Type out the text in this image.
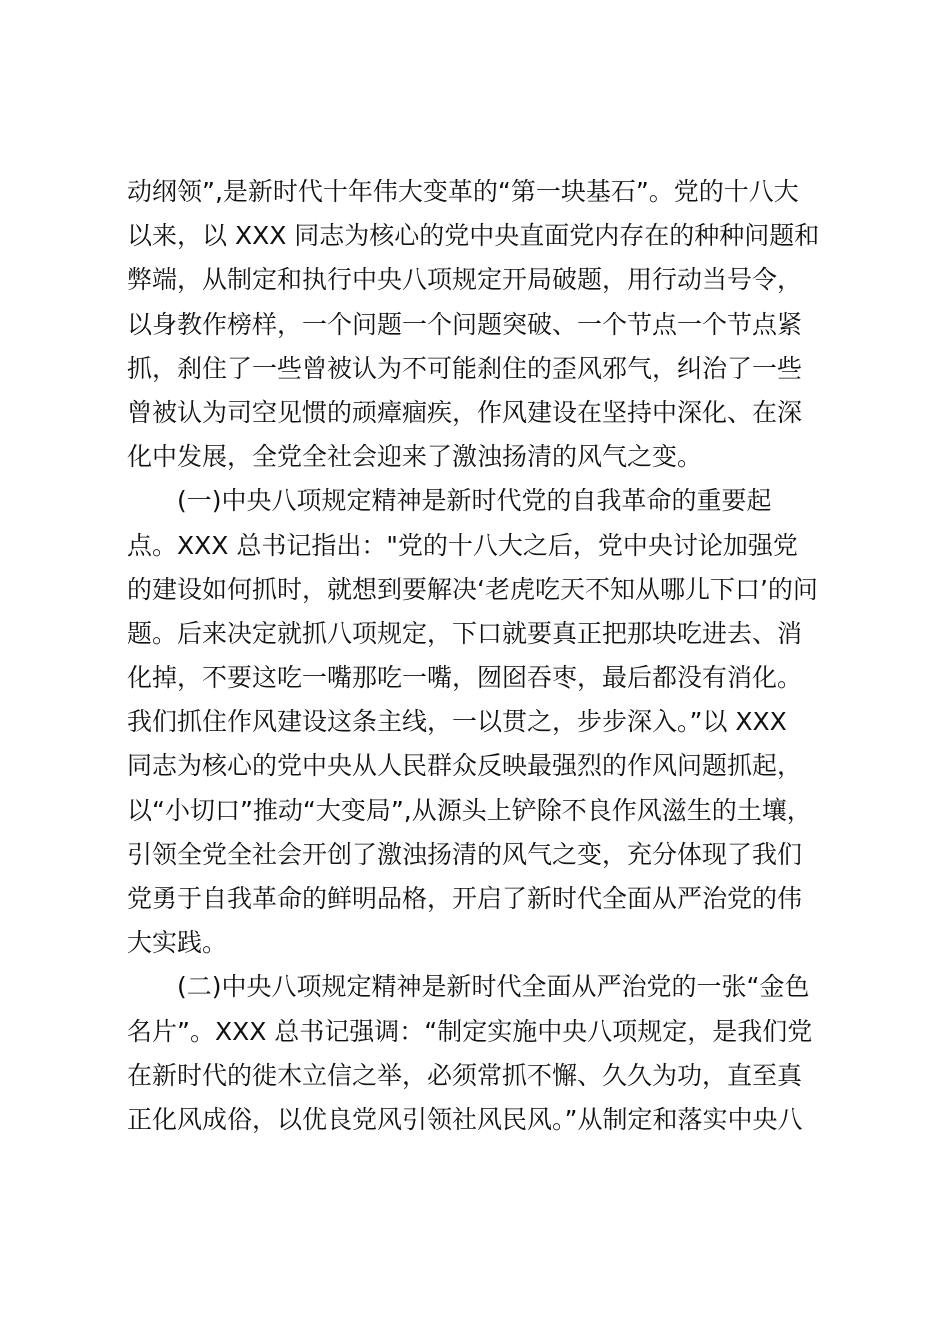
动纲领”,是新时代十年伟大变革的“第一块基石”。党的十八大
以来，以 XXX 同志为核心的党中央直面党内存在的种种问题和
弊端，从制定和执行中央八项规定开局破题，用行动当号令，
以身教作榜样，一个问题一个问题突破、一个节点一个节点紧
抓，刹住了一些曾被认为不可能刹住的歪风邪气，纠治了一些
曾被认为司空见惯的顽瘴痼疾，作风建设在坚持中深化、在深
化中发展，全党全社会迎来了激浊扬清的风气之变。
(一)中央八项规定精神是新时代党的自我革命的重要起
点。XXX 总书记指出："党的十八大之后，党中央讨论加强党
的建设如何抓时，就想到要解决‘老虎吃天不知从哪儿下口’的问
题。后来决定就抓八项规定，下口就要真正把那块吃进去、消
化掉，不要这吃一嘴那吃一嘴，囫囵吞枣，最后都没有消化。
我们抓住作风建设这条主线，一以贯之，步步深入。”以 XXX
同志为核心的党中央从人民群众反映最强烈的作风问题抓起，
以“小切口”推动“大变局”,从源头上铲除不良作风滋生的土壤，
引领全党全社会开创了激浊扬清的风气之变，充分体现了我们
党勇于自我革命的鲜明品格，开启了新时代全面从严治党的伟
大实践。
(二)中央八项规定精神是新时代全面从严治党的一张“金色
名片”。XXX 总书记强调：“制定实施中央八项规定，是我们党
在新时代的徙木立信之举，必须常抓不懈、久久为功，直至真
正化风成俗，以优良党风引领社风民风。”从制定和落实中央八
